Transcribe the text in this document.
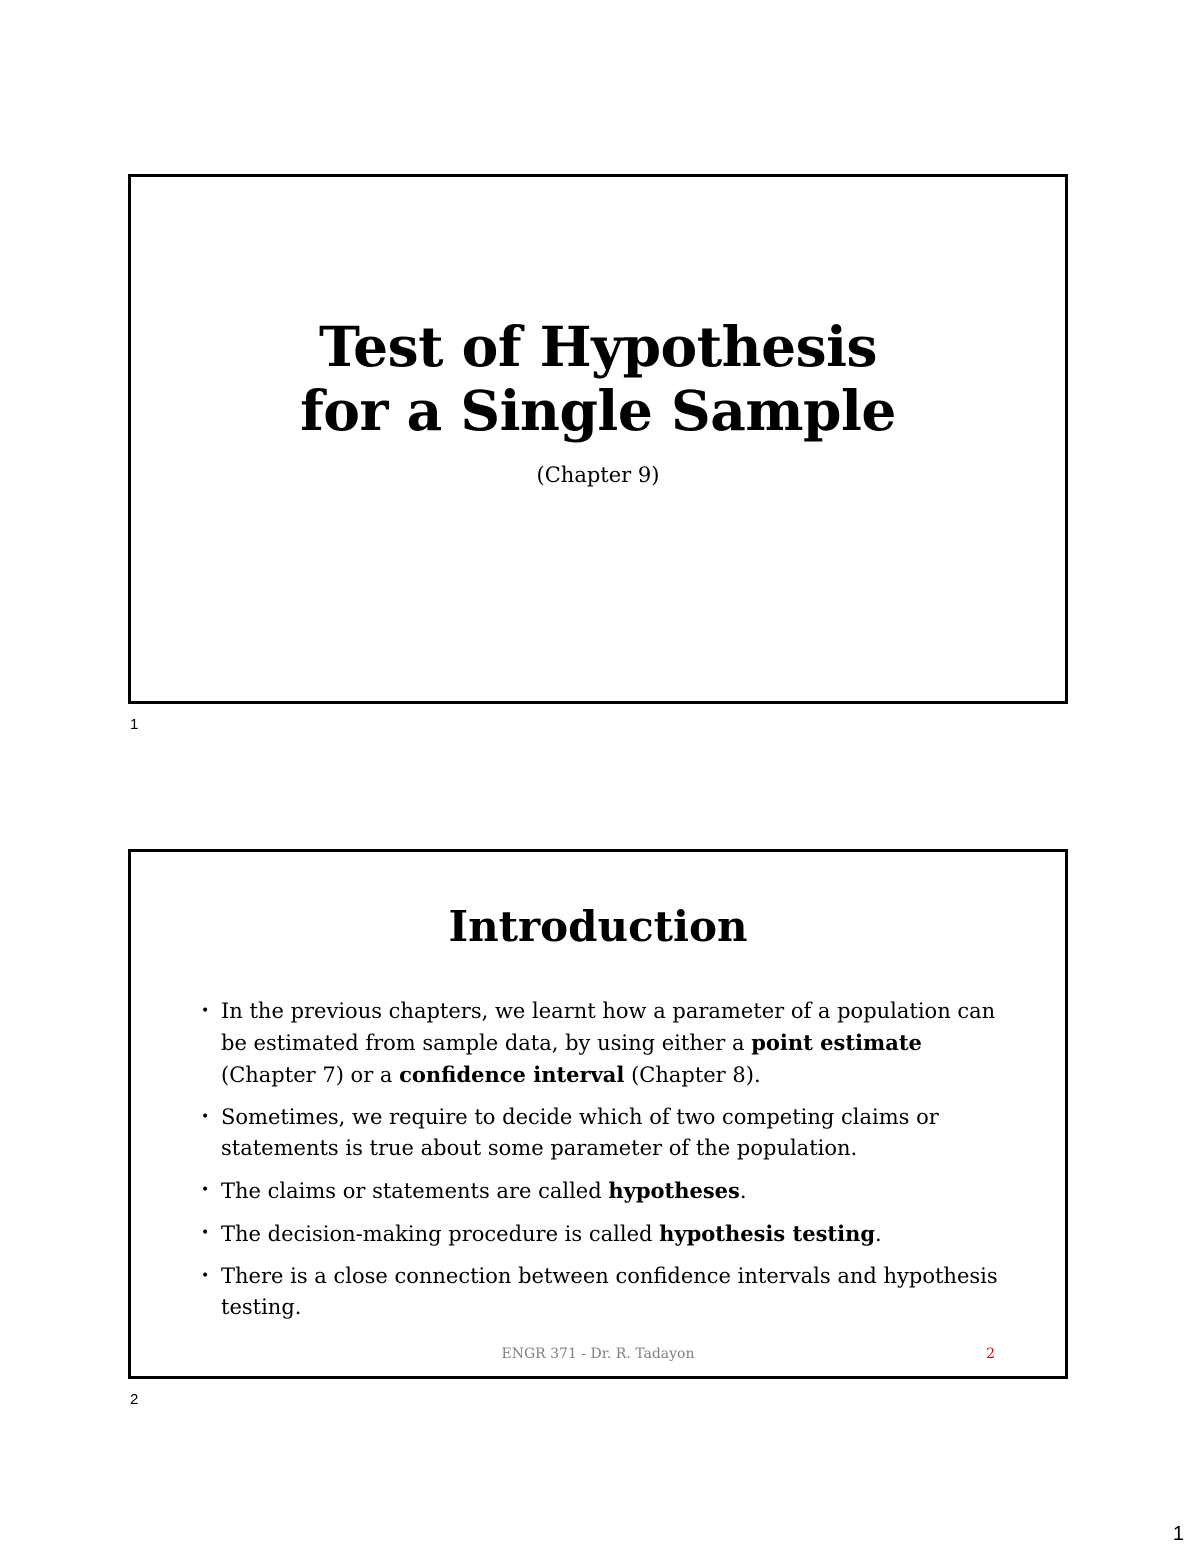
Test of Hypothesis
for a Single Sample
(Chapter 9)
1
Introduction
• In the previous chapters, we learnt how a parameter of a population can be estimated from sample data, by using either a point estimate (Chapter 7) or a confidence interval (Chapter 8).
• Sometimes, we require to decide which of two competing claims or statements is true about some parameter of the population.
• The claims or statements are called hypotheses.
• The decision-making procedure is called hypothesis testing.
• There is a close connection between confidence intervals and hypothesis testing.
ENGR 371 - Dr. R. Tadayon	2
2
1
